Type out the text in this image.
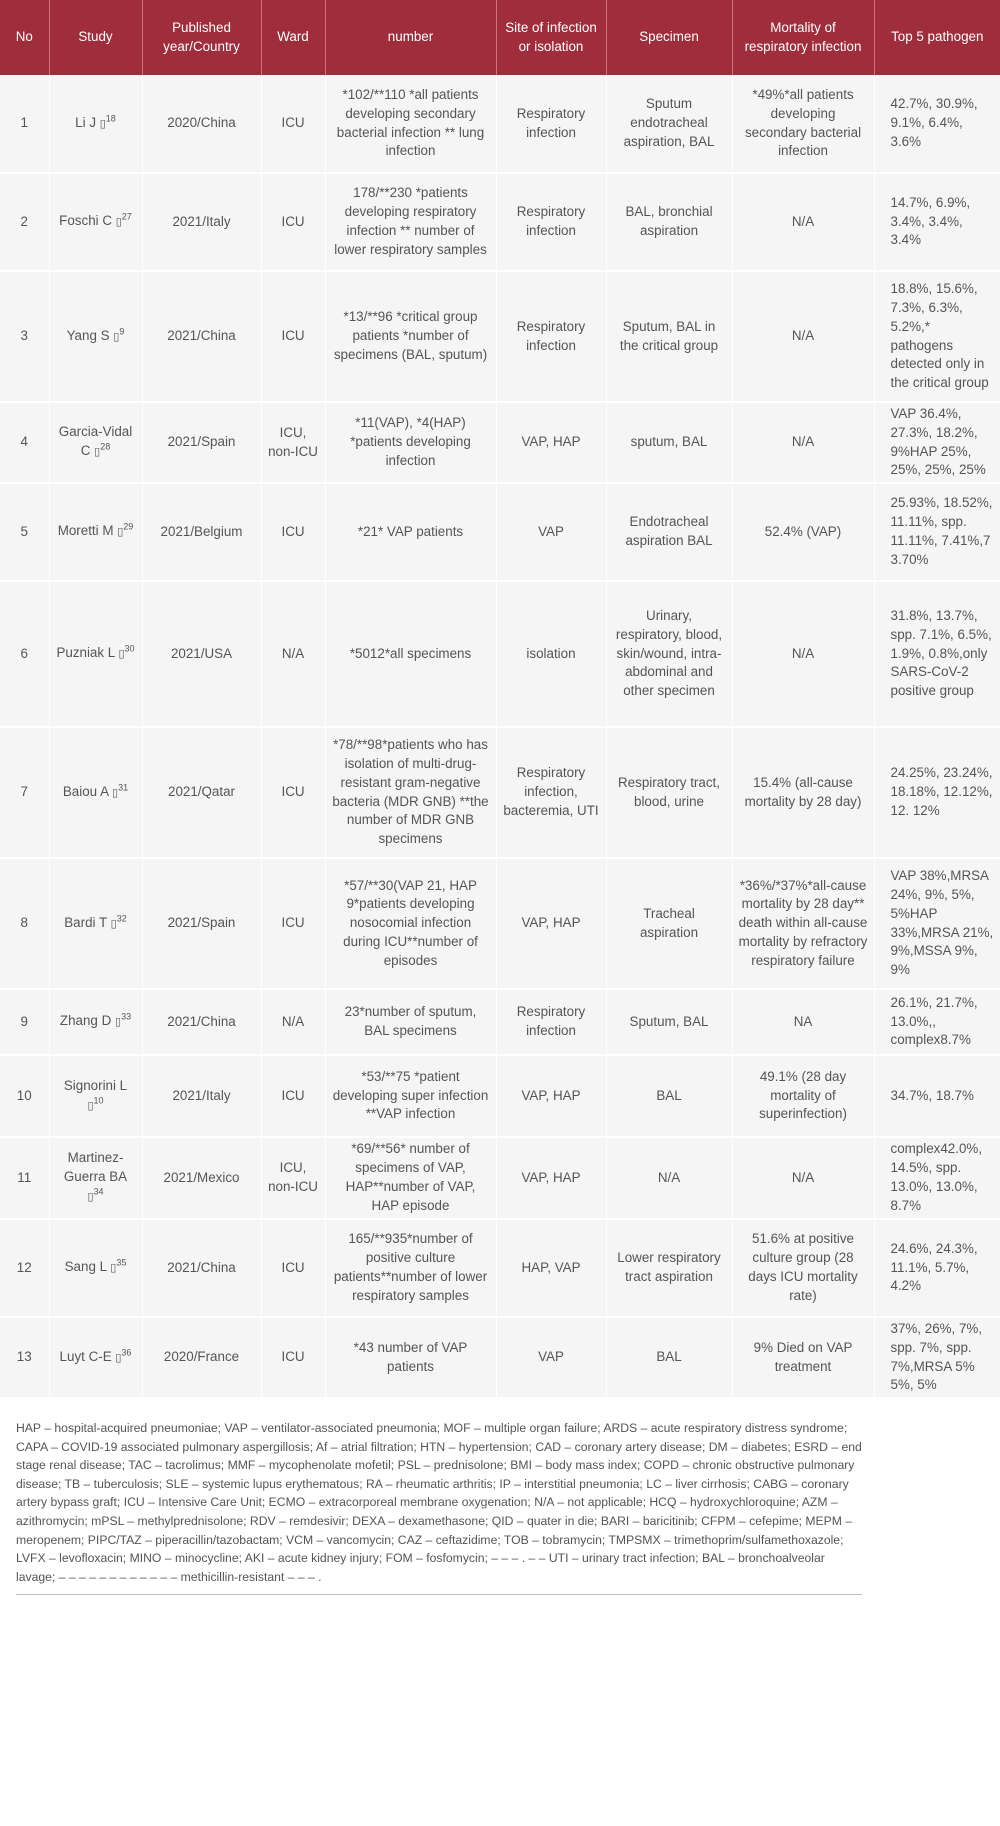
No	Study	Published year/Country	Ward	number	Site of infection or isolation	Specimen	Mortality of respiratory infection	Top 5 pathogen
1	Li J ▯$^{18}$	2020/China	ICU	*102/**110 *all patients developing secondary bacterial infection ** lung infection	Respiratory infection	Sputum endotracheal aspiration, BAL	*49%*all patients developing secondary bacterial infection	42.7%, 30.9%, 9.1%, 6.4%, 3.6%
2	Foschi C ▯$^{27}$	2021/Italy	ICU	178/**230 *patients developing respiratory infection ** number of lower respiratory samples	Respiratory infection	BAL, bronchial aspiration	N/A	14.7%, 6.9%, 3.4%, 3.4%, 3.4%
3	Yang S ▯$^9$	2021/China	ICU	*13/**96 *critical group patients *number of specimens (BAL, sputum)	Respiratory infection	Sputum, BAL in the critical group	N/A	18.8%, 15.6%, 7.3%, 6.3%, 5.2%,* pathogens detected only in the critical group
4	Garcia-Vidal C ▯$^{28}$	2021/Spain	ICU, non-ICU	*11(VAP), *4(HAP) *patients developing infection	VAP, HAP	sputum, BAL	N/A	VAP 36.4%, 27.3%, 18.2%, 9%HAP 25%, 25%, 25%, 25%
5	Moretti M ▯$^{29}$	2021/Belgium	ICU	*21* VAP patients	VAP	Endotracheal aspiration BAL	52.4% (VAP)	25.93%, 18.52%, 11.11%, spp. 11.11%, 7.41%,7 3.70%
6	Puzniak L ▯$^{30}$	2021/USA	N/A	*5012*all specimens	isolation	Urinary, respiratory, blood, skin/wound, intra-abdominal and other specimen	N/A	31.8%, 13.7%, spp. 7.1%, 6.5%, 1.9%, 0.8%,only SARS-CoV-2 positive group
7	Baiou A ▯$^{31}$	2021/Qatar	ICU	*78/**98*patients who has isolation of multi-drug-resistant gram-negative bacteria (MDR GNB) **the number of MDR GNB specimens	Respiratory infection, bacteremia, UTI	Respiratory tract, blood, urine	15.4% (all-cause mortality by 28 day)	24.25%, 23.24%, 18.18%, 12.12%, 12. 12%
8	Bardi T ▯$^{32}$	2021/Spain	ICU	*57/**30(VAP 21, HAP 9*patients developing nosocomial infection during ICU**number of episodes	VAP, HAP	Tracheal aspiration	*36%/*37%*all-cause mortality by 28 day** death within all-cause mortality by refractory respiratory failure	VAP 38%,MRSA 24%, 9%, 5%, 5%HAP 33%,MRSA 21%, 9%,MSSA 9%, 9%
9	Zhang D ▯$^{33}$	2021/China	N/A	23*number of sputum, BAL specimens	Respiratory infection	Sputum, BAL	NA	26.1%, 21.7%, 13.0%,, complex8.7%
10	Signorini L ▯$^{10}$	2021/Italy	ICU	*53/**75 *patient developing super infection **VAP infection	VAP, HAP	BAL	49.1% (28 day mortality of superinfection)	34.7%, 18.7%
11	Martinez-Guerra BA ▯$^{34}$	2021/Mexico	ICU, non-ICU	*69/**56* number of specimens of VAP, HAP**number of VAP, HAP episode	VAP, HAP	N/A	N/A	complex42.0%, 14.5%, spp. 13.0%, 13.0%, 8.7%
12	Sang L ▯$^{35}$	2021/China	ICU	165/**935*number of positive culture patients**number of lower respiratory samples	HAP, VAP	Lower respiratory tract aspiration	51.6% at positive culture group (28 days ICU mortality rate)	24.6%, 24.3%, 11.1%, 5.7%, 4.2%
13	Luyt C-E ▯$^{36}$	2020/France	ICU	*43 number of VAP patients	VAP	BAL	9% Died on VAP treatment	37%, 26%, 7%, spp. 7%, spp. 7%,MRSA 5% 5%, 5%
HAP – hospital-acquired pneumoniae; VAP – ventilator-associated pneumonia; MOF – multiple organ failure; ARDS – acute respiratory distress syndrome; CAPA – COVID-19 associated pulmonary aspergillosis; Af – atrial filtration; HTN – hypertension; CAD – coronary artery disease; DM – diabetes; ESRD – end stage renal disease; TAC – tacrolimus; MMF – mycophenolate mofetil; PSL – prednisolone; BMI – body mass index; COPD – chronic obstructive pulmonary disease; TB – tuberculosis; SLE – systemic lupus erythematous; RA – rheumatic arthritis; IP – interstitial pneumonia; LC – liver cirrhosis; CABG – coronary artery bypass graft; ICU – Intensive Care Unit; ECMO – extracorporeal membrane oxygenation; N/A – not applicable; HCQ – hydroxychloroquine; AZM – azithromycin; mPSL – methylprednisolone; RDV – remdesivir; DEXA – dexamethasone; QID – quater in die; BARI – baricitinib; CFPM – cefepime; MEPM – meropenem; PIPC/TAZ – piperacillin/tazobactam; VCM – vancomycin; CAZ – ceftazidime; TOB – tobramycin; TMPSMX – trimethoprim/sulfamethoxazole; LVFX – levofloxacin; MINO – minocycline; AKI – acute kidney injury; FOM – fosfomycin; – – – . – – UTI – urinary tract infection; BAL – bronchoalveolar lavage; – – – – – – – – – – – – methicillin-resistant – – – .
